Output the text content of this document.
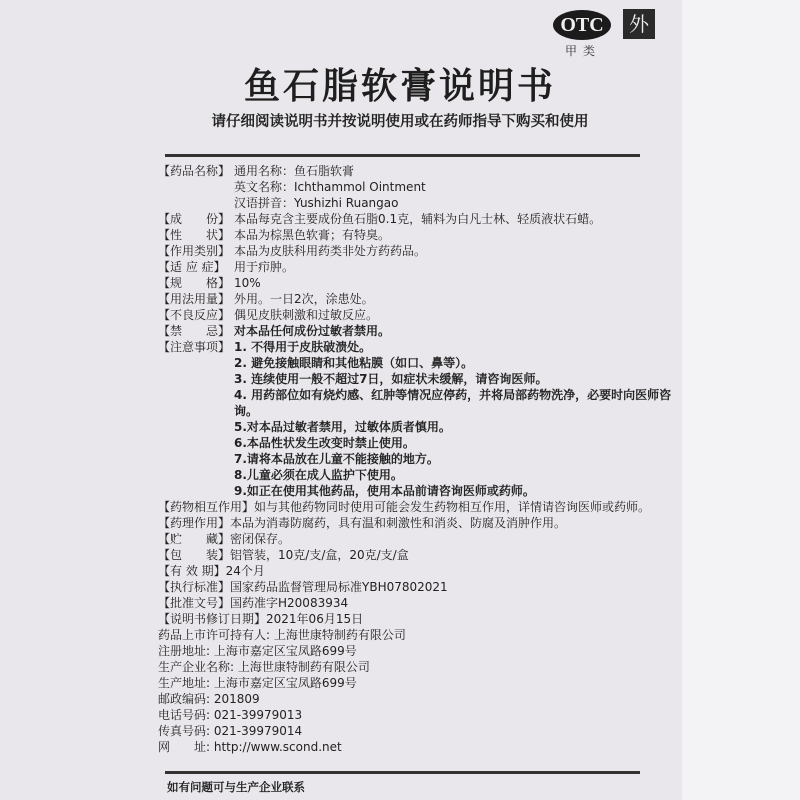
OTC	外
甲类
鱼石脂软膏说明书
请仔细阅读说明书并按说明使用或在药师指导下购买和使用
【药品名称】 通用名称：鱼石脂软膏
英文名称：Ichthammol Ointment
汉语拼音：Yushizhi Ruangao
【成　　份】 本品每克含主要成份鱼石脂0.1克，辅料为白凡士林、轻质液状石蜡。
【性　　状】 本品为棕黑色软膏；有特臭。
【作用类别】 本品为皮肤科用药类非处方药药品。
【适 应 症】 用于疖肿。
【规　　格】 10%
【用法用量】 外用。一日2次，涂患处。
【不良反应】 偶见皮肤刺激和过敏反应。
【禁　　忌】 对本品任何成份过敏者禁用。
【注意事项】 1. 不得用于皮肤破溃处。
2. 避免接触眼睛和其他粘膜（如口、鼻等）。
3. 连续使用一般不超过7日，如症状未缓解，请咨询医师。
4. 用药部位如有烧灼感、红肿等情况应停药，并将局部药物洗净，必要时向医师咨询。
5.对本品过敏者禁用，过敏体质者慎用。
6.本品性状发生改变时禁止使用。
7.请将本品放在儿童不能接触的地方。
8.儿童必须在成人监护下使用。
9.如正在使用其他药品，使用本品前请咨询医师或药师。
【药物相互作用】 如与其他药物同时使用可能会发生药物相互作用，详情请咨询医师或药师。
【药理作用】 本品为消毒防腐药，具有温和刺激性和消炎、防腐及消肿作用。
【贮　　藏】 密闭保存。
【包　　装】 铝管装，10克/支/盒，20克/支/盒
【有 效 期】 24个月
【执行标准】 国家药品监督管理局标准YBH07802021
【批准文号】 国药准字H20083934
【说明书修订日期】 2021年06月15日
药品上市许可持有人: 上海世康特制药有限公司
注册地址: 上海市嘉定区宝凤路699号
生产企业名称: 上海世康特制药有限公司
生产地址: 上海市嘉定区宝凤路699号
邮政编码: 201809
电话号码: 021-39979013
传真号码: 021-39979014
网　　址: http://www.scond.net
如有问题可与生产企业联系
